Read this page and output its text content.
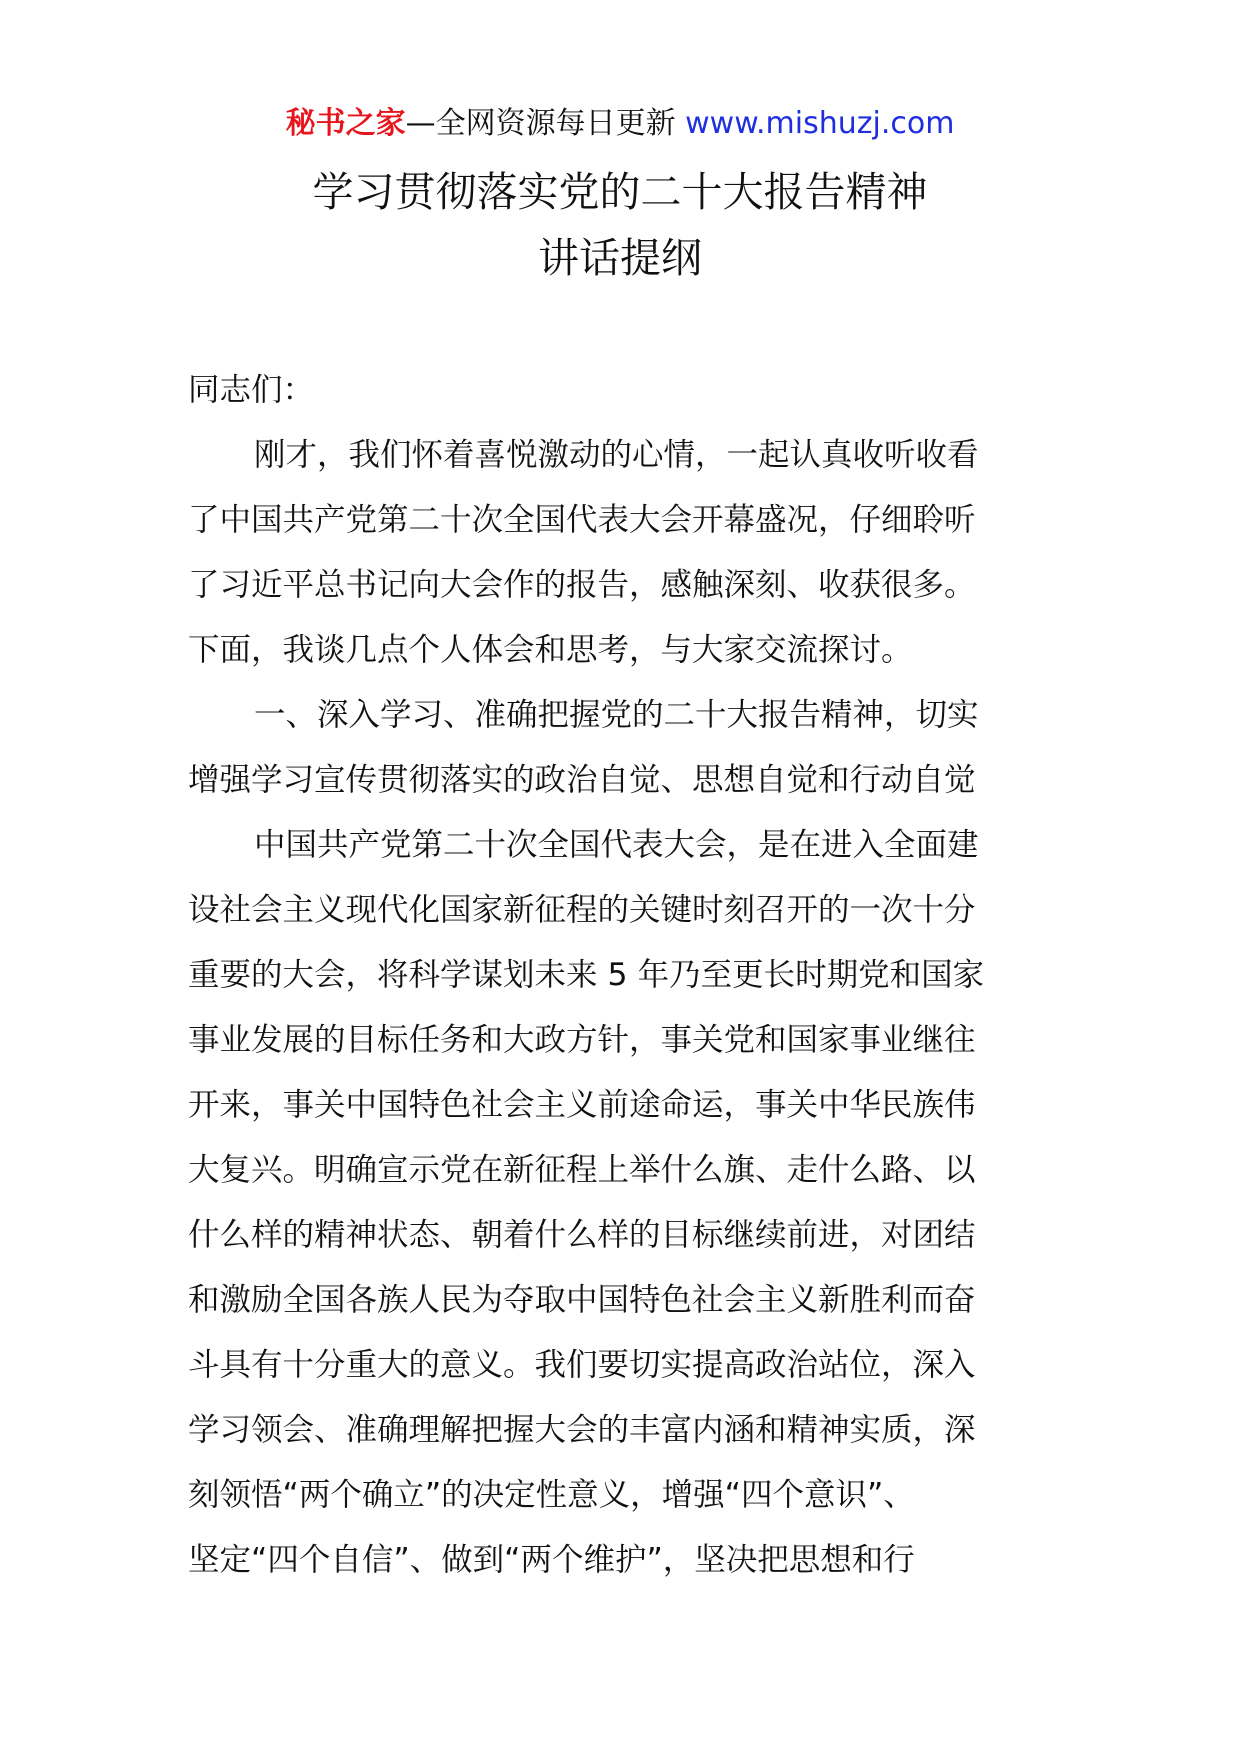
秘书之家—全网资源每日更新 www.mishuzj.com
学习贯彻落实党的二十大报告精神
讲话提纲
同志们：
刚才，我们怀着喜悦激动的心情，一起认真收听收看
了中国共产党第二十次全国代表大会开幕盛况，仔细聆听
了习近平总书记向大会作的报告，感触深刻、收获很多。
下面，我谈几点个人体会和思考，与大家交流探讨。
一、深入学习、准确把握党的二十大报告精神，切实
增强学习宣传贯彻落实的政治自觉、思想自觉和行动自觉
中国共产党第二十次全国代表大会，是在进入全面建
设社会主义现代化国家新征程的关键时刻召开的一次十分
重要的大会，将科学谋划未来 5 年乃至更长时期党和国家
事业发展的目标任务和大政方针，事关党和国家事业继往
开来，事关中国特色社会主义前途命运，事关中华民族伟
大复兴。明确宣示党在新征程上举什么旗、走什么路、以
什么样的精神状态、朝着什么样的目标继续前进，对团结
和激励全国各族人民为夺取中国特色社会主义新胜利而奋
斗具有十分重大的意义。我们要切实提高政治站位，深入
学习领会、准确理解把握大会的丰富内涵和精神实质，深
刻领悟“两个确立”的决定性意义，增强“四个意识”、
坚定“四个自信”、做到“两个维护”，坚决把思想和行
